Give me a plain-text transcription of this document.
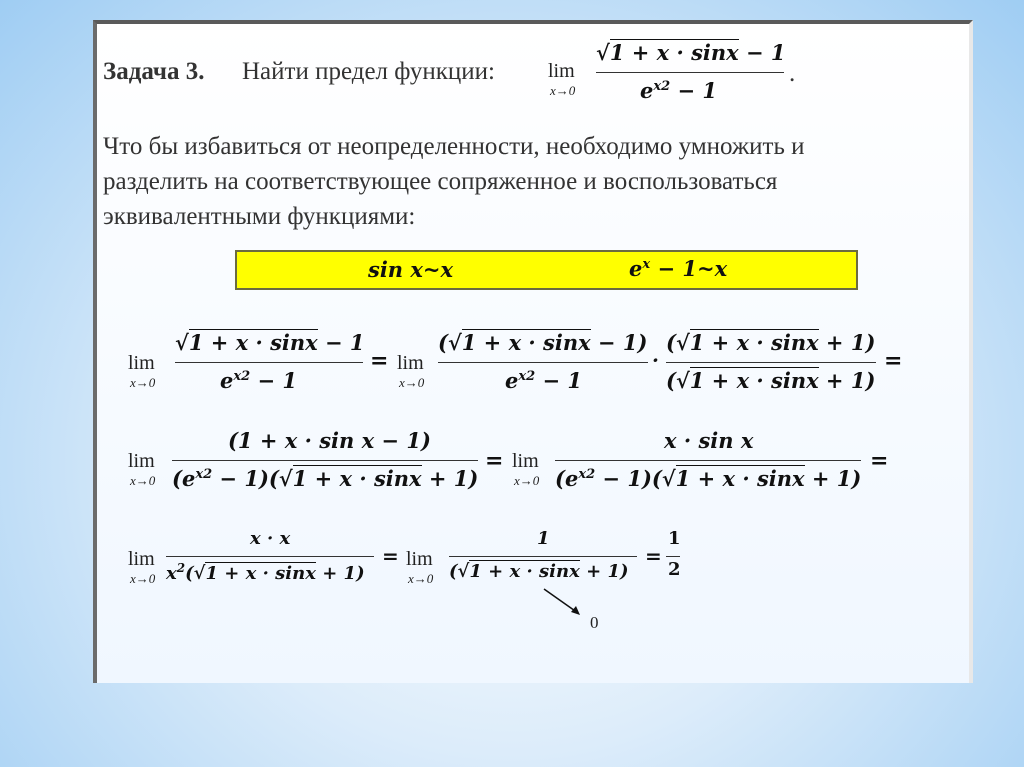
Задача 3. Найти предел функции:	lim
x→0
√1 + x · sinx − 1
$e^{x2} - 1$
.
Что бы избавиться от неопределенности, необходимо умножить и
разделить на соответствующее сопряженное и воспользоваться
эквивалентными функциями:
sin x~x	$e^x$ − 1~x
lim
x→0
√1 + x · sinx − 1
$e^{x2} - 1$
= lim
x→0
(√1 + x · sinx − 1)
$e^{x2} - 1$
·
(√1 + x · sinx + 1)
(√1 + x · sinx + 1)
=
lim
x→0
(1 + x · sin x − 1)
$(e^{x2} - 1)(√1 + x \cdot \sin x + 1)$
= lim
x→0
x · sin x
$(e^{x2} - 1)(√1 + x \cdot \sin x + 1)$
=
lim
x→0
x · x
$x^2(√1 + x \cdot \sin x + 1)$
= lim
x→0
1
(√1 + x · sinx + 1)
=
1
2
0
